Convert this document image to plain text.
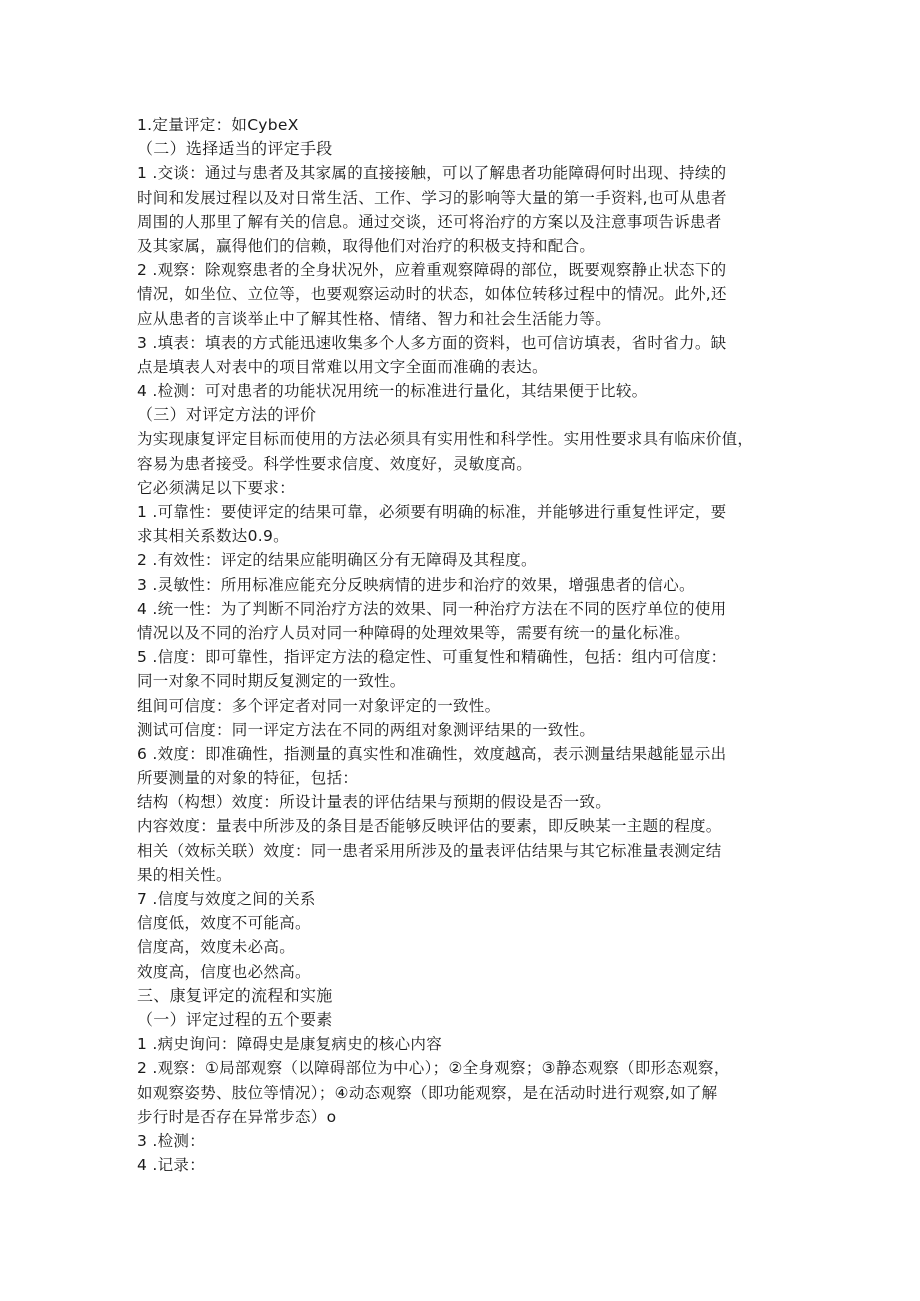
1.定量评定：如CybeX
（二）选择适当的评定手段
1 .交谈：通过与患者及其家属的直接接触，可以了解患者功能障碍何时出现、持续的
时间和发展过程以及对日常生活、工作、学习的影响等大量的第一手资料,也可从患者
周围的人那里了解有关的信息。通过交谈，还可将治疗的方案以及注意事项告诉患者
及其家属，赢得他们的信赖，取得他们对治疗的积极支持和配合。
2 .观察：除观察患者的全身状况外，应着重观察障碍的部位，既要观察静止状态下的
情况，如坐位、立位等，也要观察运动时的状态，如体位转移过程中的情况。此外,还
应从患者的言谈举止中了解其性格、情绪、智力和社会生活能力等。
3 .填表：填表的方式能迅速收集多个人多方面的资料，也可信访填表，省时省力。缺
点是填表人对表中的项目常难以用文字全面而准确的表达。
4 .检测：可对患者的功能状况用统一的标准进行量化，其结果便于比较。
（三）对评定方法的评价
为实现康复评定目标而使用的方法必须具有实用性和科学性。实用性要求具有临床价值，
容易为患者接受。科学性要求信度、效度好，灵敏度高。
它必须满足以下要求：
1 .可靠性：要使评定的结果可靠，必须要有明确的标准，并能够进行重复性评定，要
求其相关系数达0.9。
2 .有效性：评定的结果应能明确区分有无障碍及其程度。
3 .灵敏性：所用标准应能充分反映病情的进步和治疗的效果，增强患者的信心。
4 .统一性：为了判断不同治疗方法的效果、同一种治疗方法在不同的医疗单位的使用
情况以及不同的治疗人员对同一种障碍的处理效果等，需要有统一的量化标准。
5 .信度：即可靠性，指评定方法的稳定性、可重复性和精确性，包括：组内可信度：
同一对象不同时期反复测定的一致性。
组间可信度：多个评定者对同一对象评定的一致性。
测试可信度：同一评定方法在不同的两组对象测评结果的一致性。
6 .效度：即准确性，指测量的真实性和准确性，效度越高，表示测量结果越能显示出
所要测量的对象的特征，包括：
结构（构想）效度：所设计量表的评估结果与预期的假设是否一致。
内容效度：量表中所涉及的条目是否能够反映评估的要素，即反映某一主题的程度。
相关（效标关联）效度：同一患者采用所涉及的量表评估结果与其它标准量表测定结
果的相关性。
7 .信度与效度之间的关系
信度低，效度不可能高。
信度高，效度未必高。
效度高，信度也必然高。
三、康复评定的流程和实施
（一）评定过程的五个要素
1 .病史询问：障碍史是康复病史的核心内容
2 .观察：①局部观察（以障碍部位为中心）；②全身观察；③静态观察（即形态观察，
如观察姿势、肢位等情况）；④动态观察（即功能观察，是在活动时进行观察,如了解
步行时是否存在异常步态）o
3 .检测：
4 .记录：
